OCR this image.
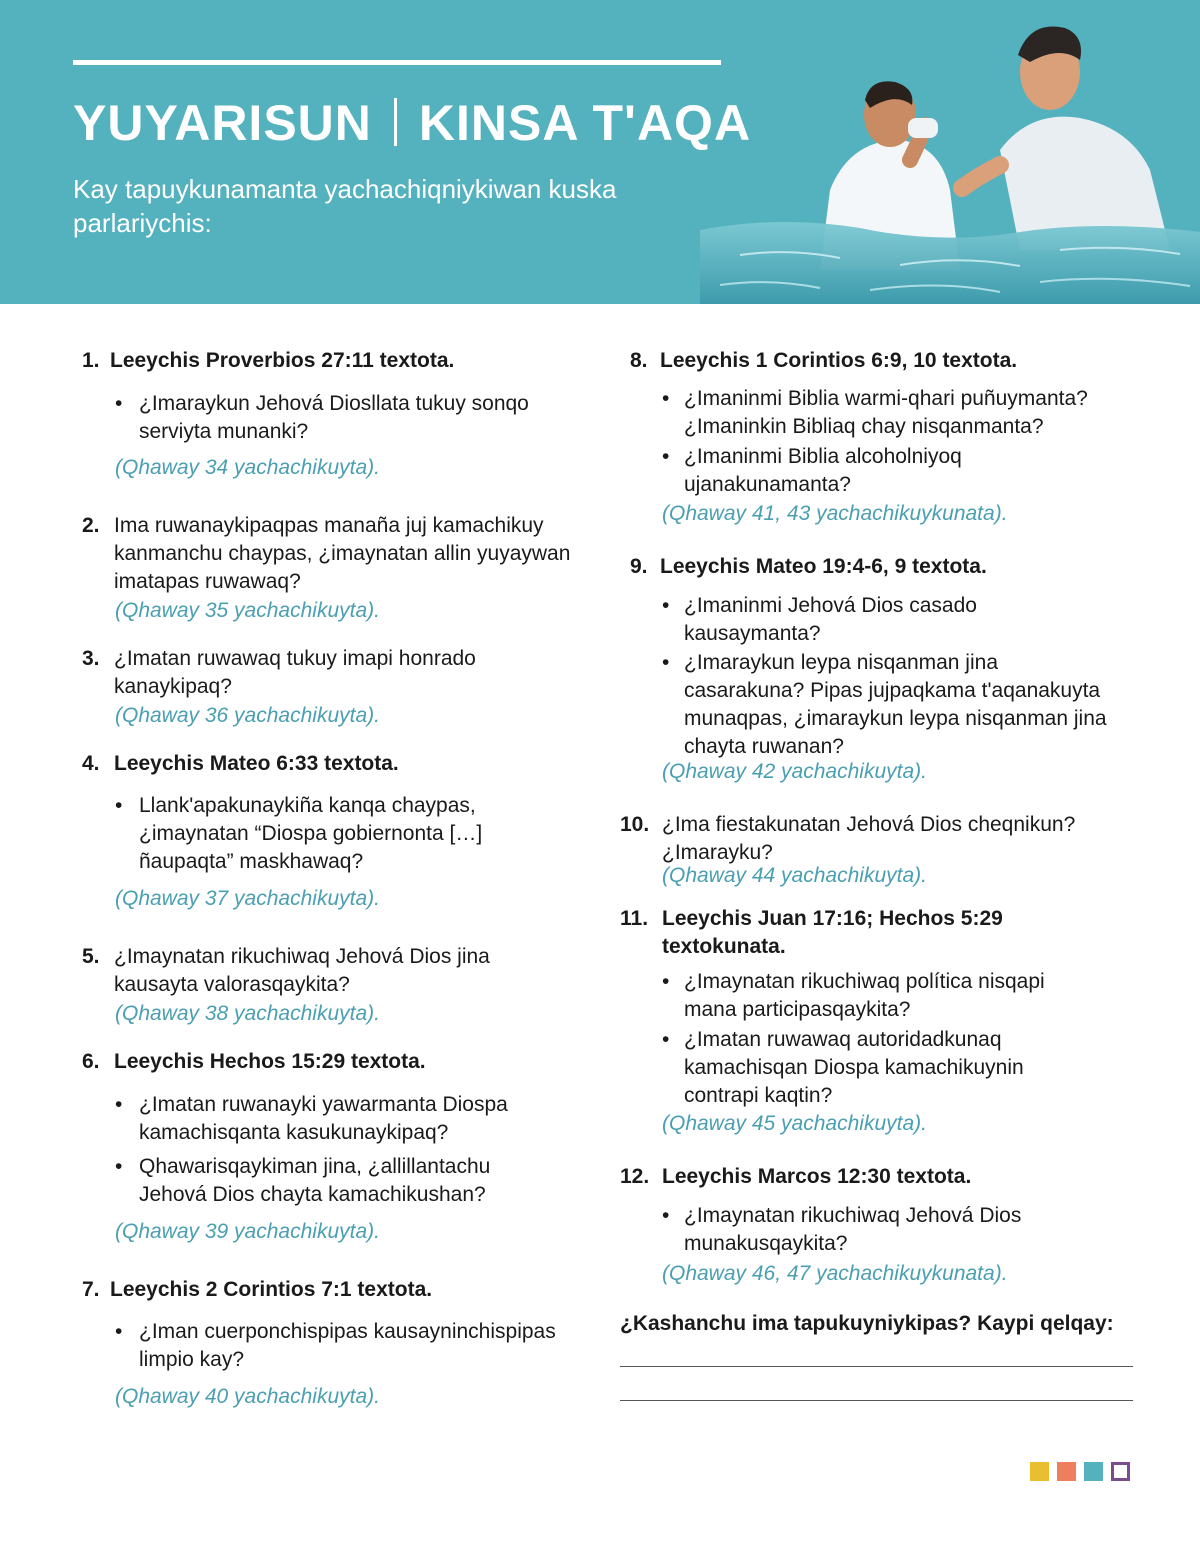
YUYARISUN KINSA T'AQA
Kay tapuykunamanta yachachiqniykiwan kuska parlariychis:
1. Leeychis Proverbios 27:11 textota.
• ¿Imaraykun Jehová Diosllata tukuy sonqo serviyta munanki?
(Qhaway 34 yachachikuyta).
2. Ima ruwanaykipaqpas manaña juj kamachikuy kanmanchu chaypas, ¿imaynatan allin yuyaywan imatapas ruwawaq?
(Qhaway 35 yachachikuyta).
3. ¿Imatan ruwawaq tukuy imapi honrado kanaykipaq?
(Qhaway 36 yachachikuyta).
4. Leeychis Mateo 6:33 textota.
• Llank'apakunaykiña kanqa chaypas, ¿imaynatan “Diospa gobiernonta […] ñaupaqta” maskhawaq?
(Qhaway 37 yachachikuyta).
5. ¿Imaynatan rikuchiwaq Jehová Dios jina kausayta valorasqaykita?
(Qhaway 38 yachachikuyta).
6. Leeychis Hechos 15:29 textota.
• ¿Imatan ruwanayki yawarmanta Diospa kamachisqanta kasukunaykipaq?
• Qhawarisqaykiman jina, ¿allillantachu Jehová Dios chayta kamachikushan?
(Qhaway 39 yachachikuyta).
7. Leeychis 2 Corintios 7:1 textota.
• ¿Iman cuerponchispipas kausayninchispipas limpio kay?
(Qhaway 40 yachachikuyta).
8. Leeychis 1 Corintios 6:9, 10 textota.
• ¿Imaninmi Biblia warmi-qhari puñuymanta? ¿Imaninkin Bibliaq chay nisqanmanta?
• ¿Imaninmi Biblia alcoholniyoq ujanakunamanta?
(Qhaway 41, 43 yachachikuykunata).
9. Leeychis Mateo 19:4-6, 9 textota.
• ¿Imaninmi Jehová Dios casado kausaymanta?
• ¿Imaraykun leypa nisqanman jina casarakuna? Pipas jujpaqkama t'aqanakuyta munaqpas, ¿imaraykun leypa nisqanman jina chayta ruwanan?
(Qhaway 42 yachachikuyta).
10. ¿Ima fiestakunatan Jehová Dios cheqnikun? ¿Imarayku?
(Qhaway 44 yachachikuyta).
11. Leeychis Juan 17:16; Hechos 5:29 textokunata.
• ¿Imaynatan rikuchiwaq política nisqapi mana participasqaykita?
• ¿Imatan ruwawaq autoridadkunaq kamachisqan Diospa kamachikuynin contrapi kaqtin?
(Qhaway 45 yachachikuyta).
12. Leeychis Marcos 12:30 textota.
• ¿Imaynatan rikuchiwaq Jehová Dios munakusqaykita?
(Qhaway 46, 47 yachachikuykunata).
¿Kashanchu ima tapukuyniykipas? Kaypi qelqay:
